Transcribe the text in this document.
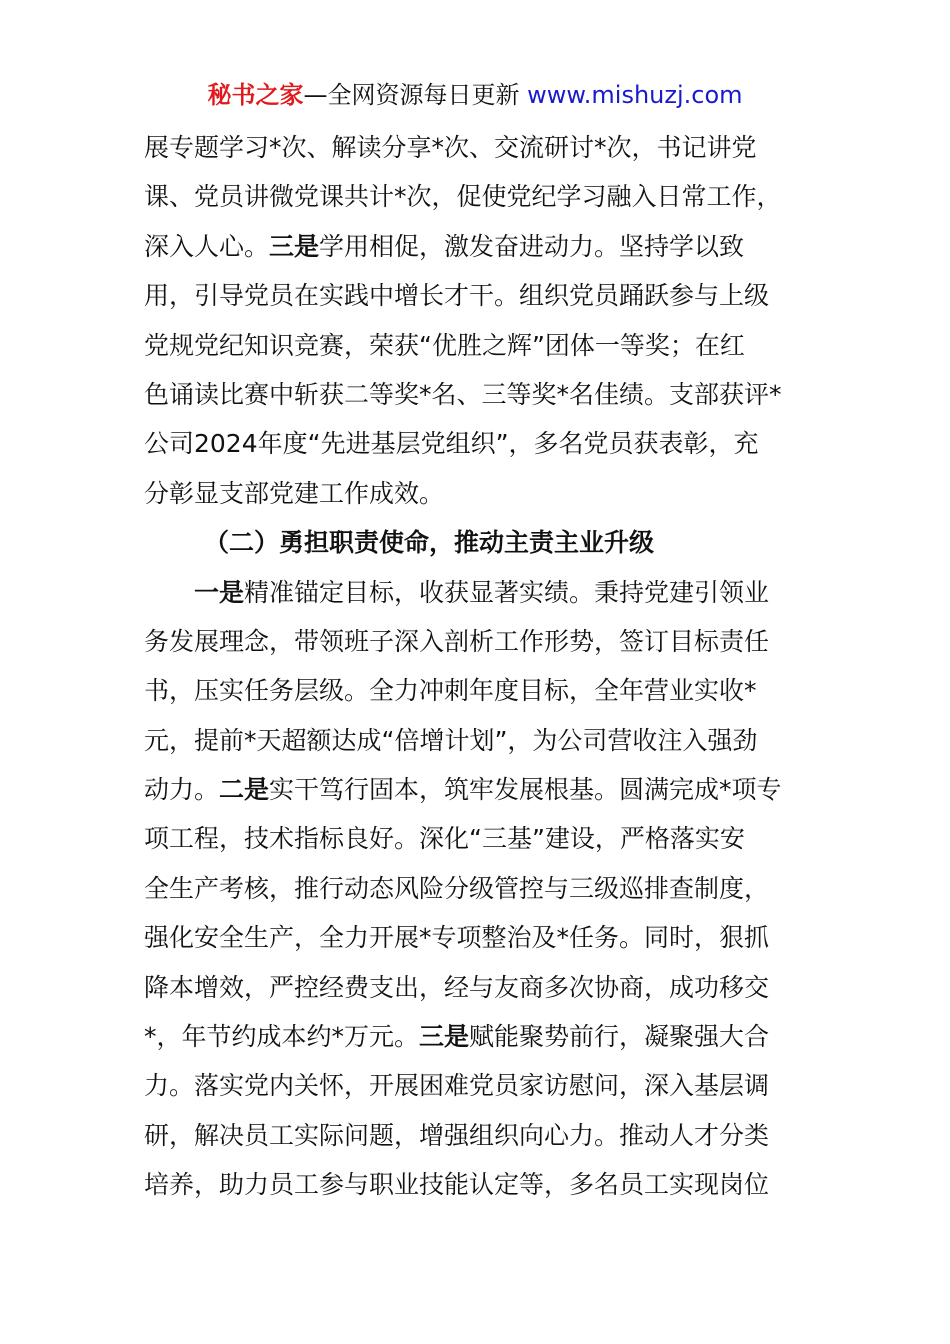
秘书之家—全网资源每日更新 www.mishuzj.com
展专题学习*次、解读分享*次、交流研讨*次，书记讲党
课、党员讲微党课共计*次，促使党纪学习融入日常工作，
深入人心。三是学用相促，激发奋进动力。坚持学以致
用，引导党员在实践中增长才干。组织党员踊跃参与上级
党规党纪知识竞赛，荣获“优胜之辉”团体一等奖；在红
色诵读比赛中斩获二等奖*名、三等奖*名佳绩。支部获评*
公司2024年度“先进基层党组织”，多名党员获表彰，充
分彰显支部党建工作成效。
（二）勇担职责使命，推动主责主业升级
一是精准锚定目标，收获显著实绩。秉持党建引领业
务发展理念，带领班子深入剖析工作形势，签订目标责任
书，压实任务层级。全力冲刺年度目标，全年营业实收*
元，提前*天超额达成“倍增计划”，为公司营收注入强劲
动力。二是实干笃行固本，筑牢发展根基。圆满完成*项专
项工程，技术指标良好。深化“三基”建设，严格落实安
全生产考核，推行动态风险分级管控与三级巡排查制度，
强化安全生产，全力开展*专项整治及*任务。同时，狠抓
降本增效，严控经费支出，经与友商多次协商，成功移交
*，年节约成本约*万元。三是赋能聚势前行，凝聚强大合
力。落实党内关怀，开展困难党员家访慰问，深入基层调
研，解决员工实际问题，增强组织向心力。推动人才分类
培养，助力员工参与职业技能认定等，多名员工实现岗位
